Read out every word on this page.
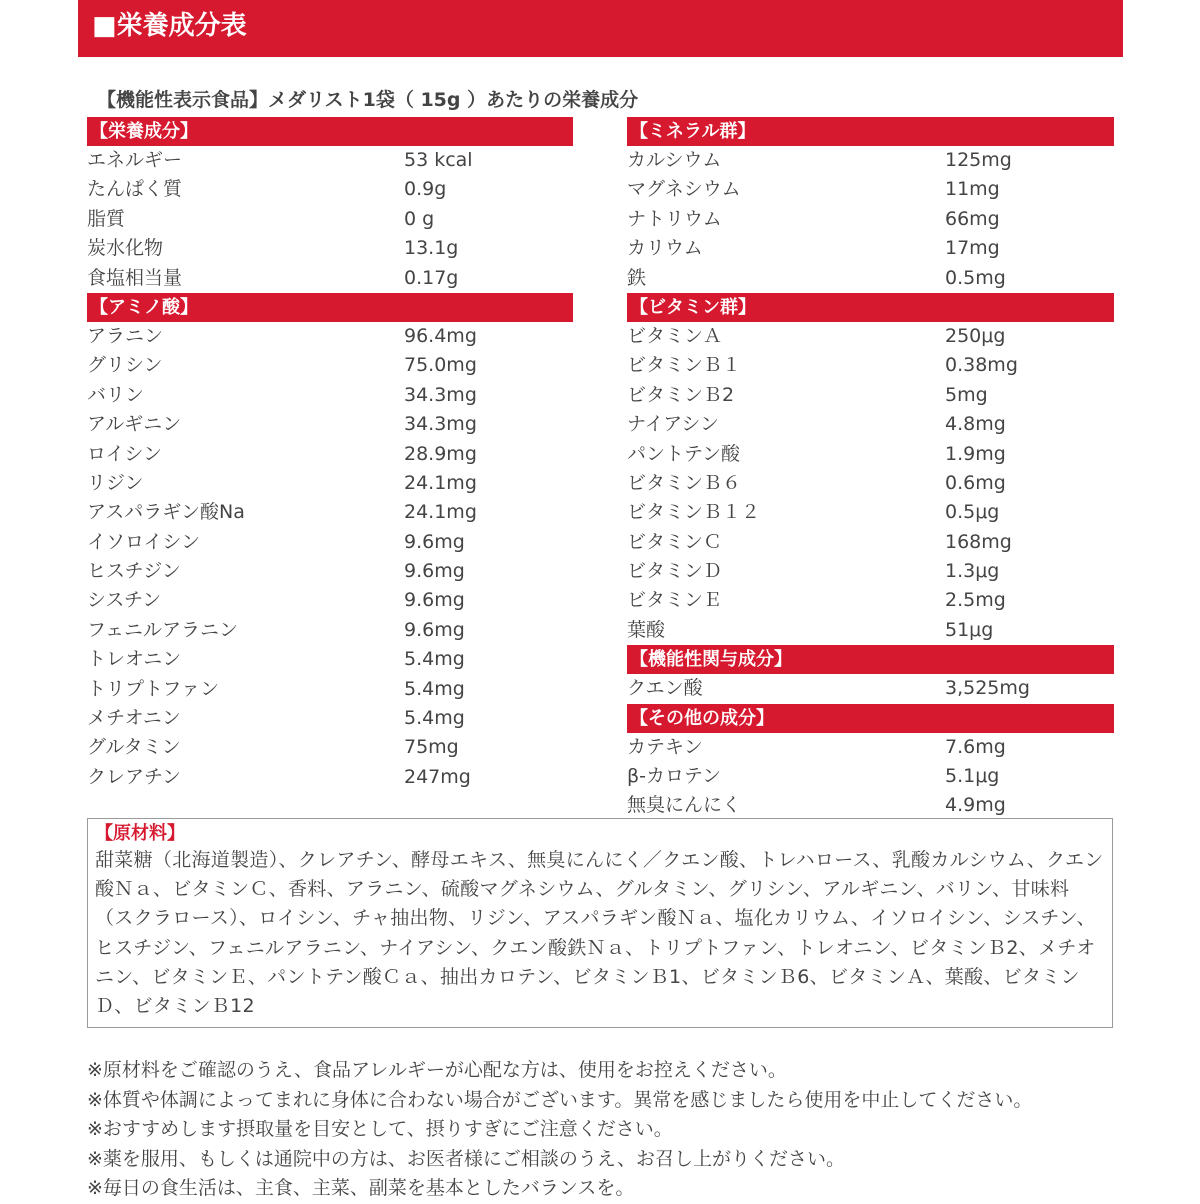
■栄養成分表
【機能性表示食品】メダリスト1袋（ 15g ）あたりの栄養成分
【栄養成分】
エネルギー	53 kcal
たんぱく質	0.9g
脂質	0 g
炭水化物	13.1g
食塩相当量	0.17g
【アミノ酸】
アラニン	96.4mg
グリシン	75.0mg
バリン	34.3mg
アルギニン	34.3mg
ロイシン	28.9mg
リジン	24.1mg
アスパラギン酸Na	24.1mg
イソロイシン	9.6mg
ヒスチジン	9.6mg
シスチン	9.6mg
フェニルアラニン	9.6mg
トレオニン	5.4mg
トリプトファン	5.4mg
メチオニン	5.4mg
グルタミン	75mg
クレアチン	247mg
【ミネラル群】
カルシウム	125mg
マグネシウム	11mg
ナトリウム	66mg
カリウム	17mg
鉄	0.5mg
【ビタミン群】
ビタミンＡ	250μg
ビタミンＢ１	0.38mg
ビタミンＢ2	5mg
ナイアシン	4.8mg
パントテン酸	1.9mg
ビタミンＢ６	0.6mg
ビタミンＢ１２	0.5μg
ビタミンＣ	168mg
ビタミンＤ	1.3μg
ビタミンＥ	2.5mg
葉酸	51μg
【機能性関与成分】
クエン酸	3,525mg
【その他の成分】
カテキン	7.6mg
β-カロテン	5.1μg
無臭にんにく	4.9mg
【原材料】
甜菜糖（北海道製造）、クレアチン、酵母エキス、無臭にんにく／クエン酸、トレハロース、乳酸カルシウム、クエン酸Ｎａ、ビタミンＣ、香料、アラニン、硫酸マグネシウム、グルタミン、グリシン、アルギニン、バリン、甘味料（スクラロース）、ロイシン、チャ抽出物、リジン、アスパラギン酸Ｎａ、塩化カリウム、イソロイシン、シスチン、ヒスチジン、フェニルアラニン、ナイアシン、クエン酸鉄Ｎａ、トリプトファン、トレオニン、ビタミンＢ2、メチオニン、ビタミンＥ、パントテン酸Ｃａ、抽出カロテン、ビタミンＢ1、ビタミンＢ6、ビタミンＡ、葉酸、ビタミンＤ、ビタミンＢ12
※原材料をご確認のうえ、食品アレルギーが心配な方は、使用をお控えください。
※体質や体調によってまれに身体に合わない場合がございます。異常を感じましたら使用を中止してください。
※おすすめします摂取量を目安として、摂りすぎにご注意ください。
※薬を服用、もしくは通院中の方は、お医者様にご相談のうえ、お召し上がりください。
※毎日の食生活は、主食、主菜、副菜を基本としたバランスを。
